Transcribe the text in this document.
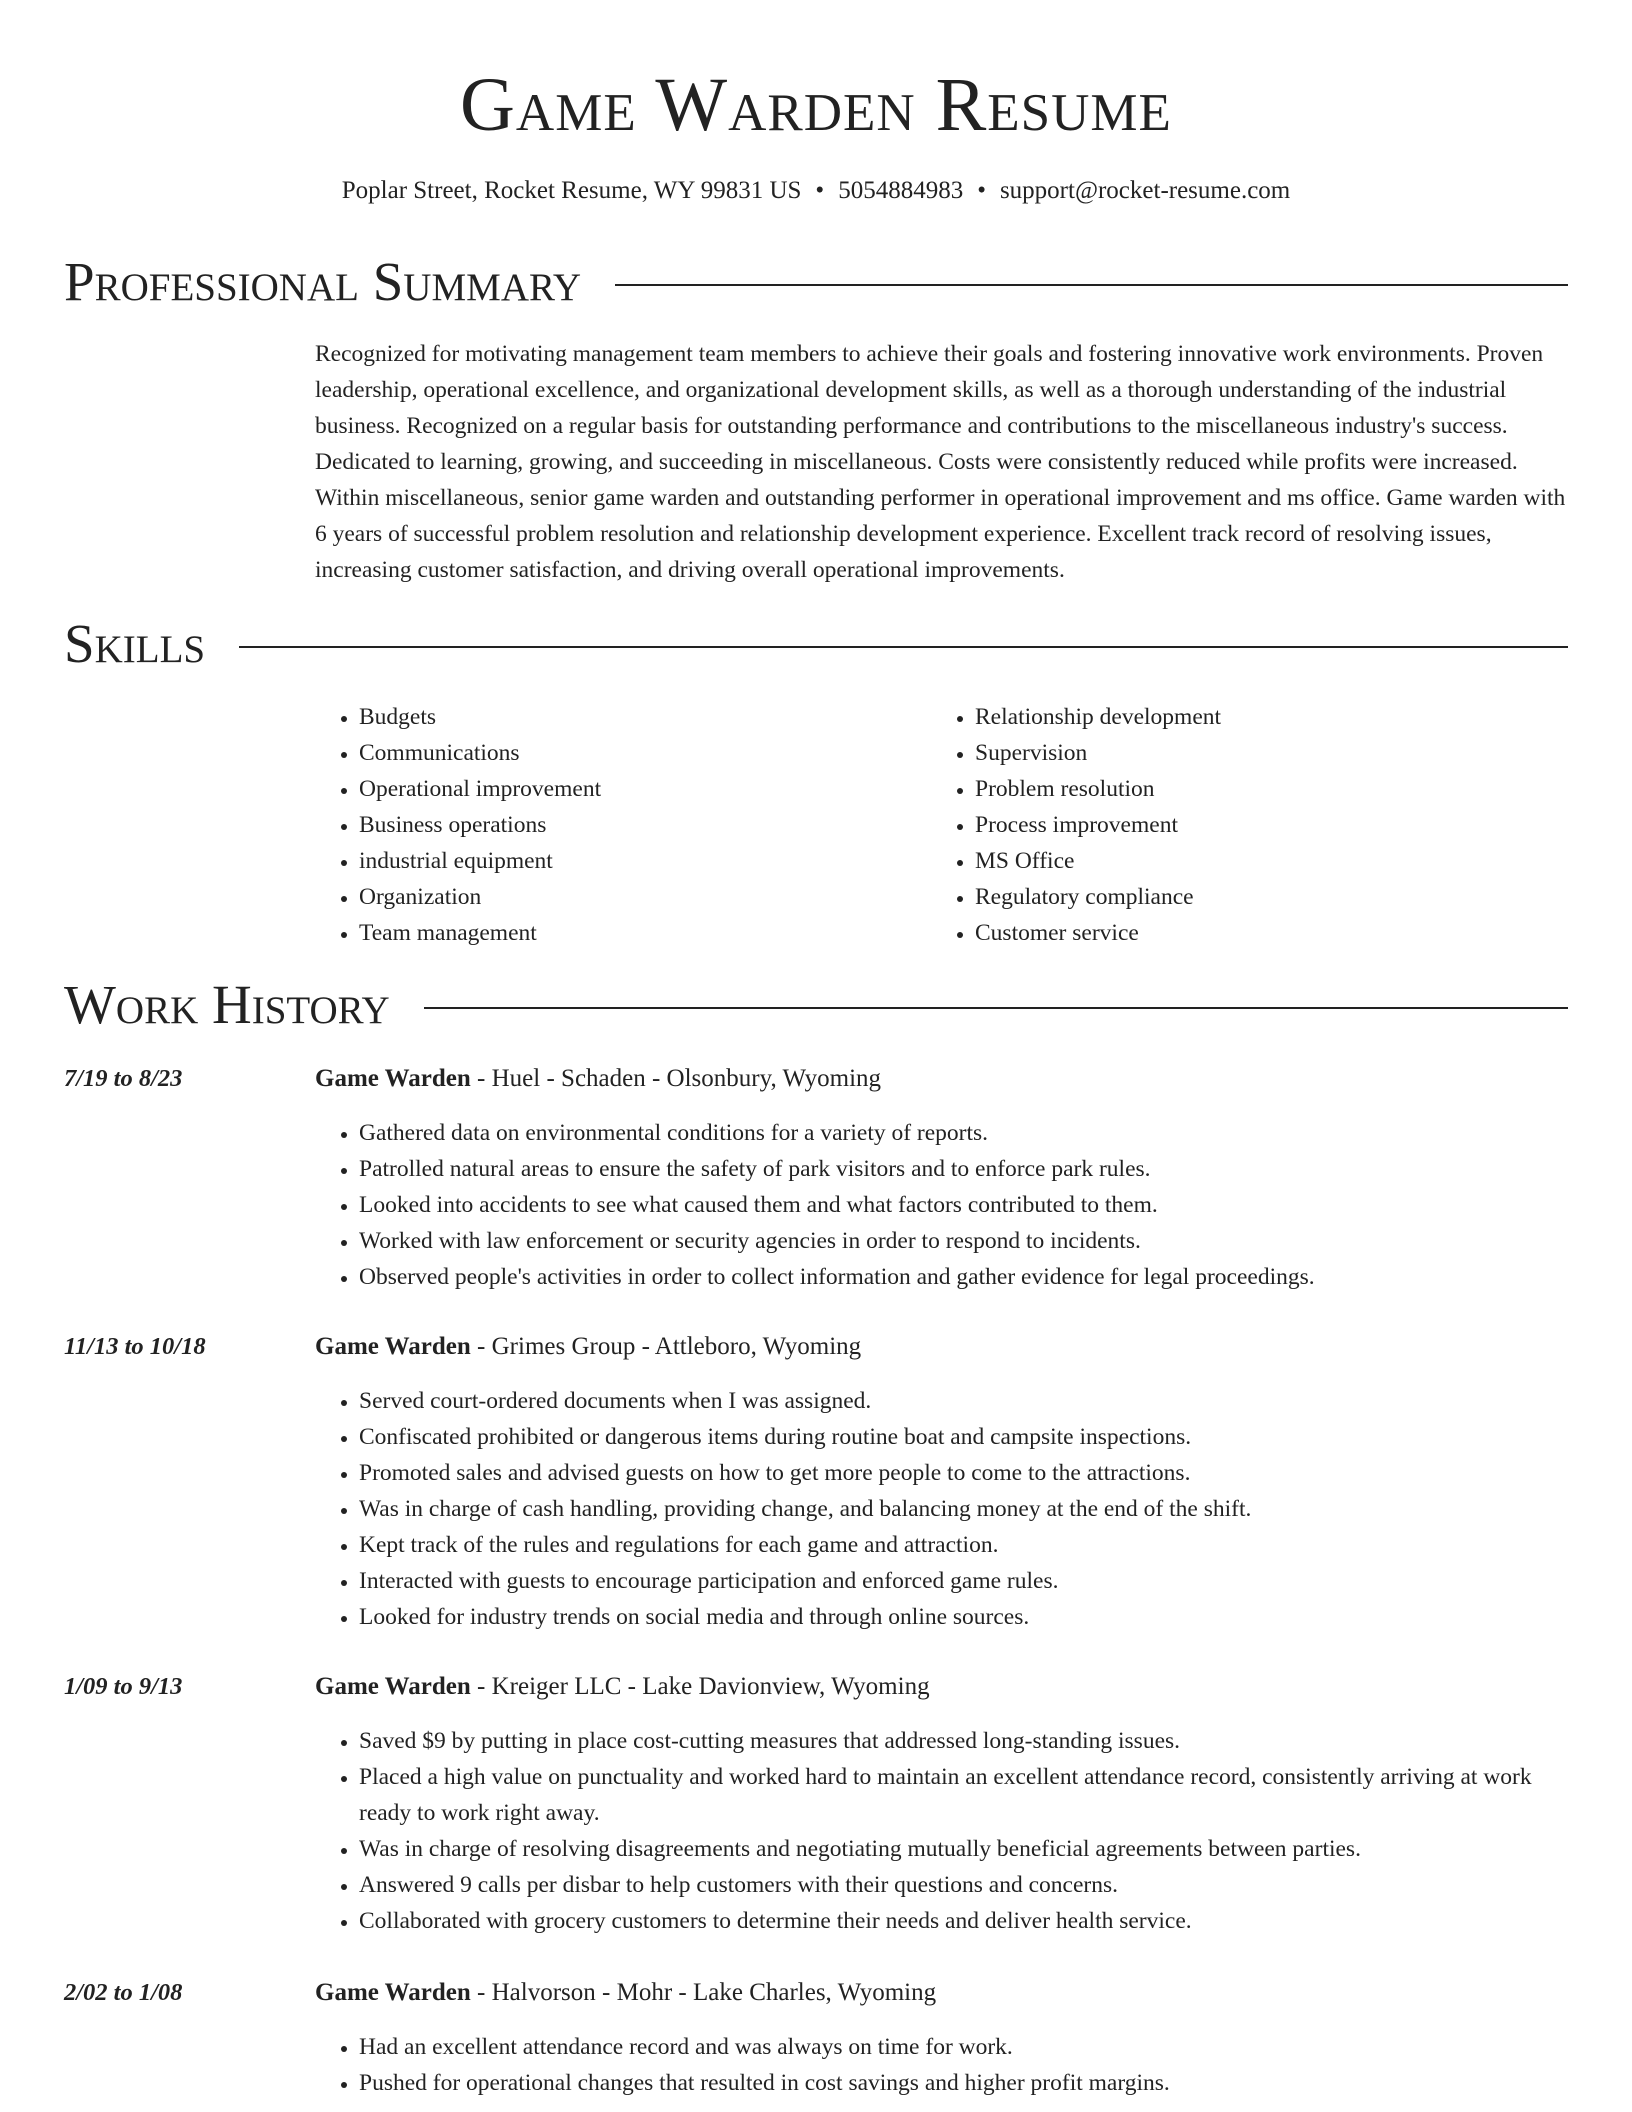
Game Warden Resume
Poplar Street, Rocket Resume, WY 99831 US • 5054884983 • support@rocket-resume.com
Professional Summary
Recognized for motivating management team members to achieve their goals and fostering innovative work environments. Proven leadership, operational excellence, and organizational development skills, as well as a thorough understanding of the industrial business. Recognized on a regular basis for outstanding performance and contributions to the miscellaneous industry's success. Dedicated to learning, growing, and succeeding in miscellaneous. Costs were consistently reduced while profits were increased. Within miscellaneous, senior game warden and outstanding performer in operational improvement and ms office. Game warden with 6 years of successful problem resolution and relationship development experience. Excellent track record of resolving issues, increasing customer satisfaction, and driving overall operational improvements.
Skills
• Budgets
• Communications
• Operational improvement
• Business operations
• industrial equipment
• Organization
• Team management
• Relationship development
• Supervision
• Problem resolution
• Process improvement
• MS Office
• Regulatory compliance
• Customer service
Work History
7/19 to 8/23	Game Warden - Huel - Schaden - Olsonbury, Wyoming
• Gathered data on environmental conditions for a variety of reports.
• Patrolled natural areas to ensure the safety of park visitors and to enforce park rules.
• Looked into accidents to see what caused them and what factors contributed to them.
• Worked with law enforcement or security agencies in order to respond to incidents.
• Observed people's activities in order to collect information and gather evidence for legal proceedings.
11/13 to 10/18	Game Warden - Grimes Group - Attleboro, Wyoming
• Served court-ordered documents when I was assigned.
• Confiscated prohibited or dangerous items during routine boat and campsite inspections.
• Promoted sales and advised guests on how to get more people to come to the attractions.
• Was in charge of cash handling, providing change, and balancing money at the end of the shift.
• Kept track of the rules and regulations for each game and attraction.
• Interacted with guests to encourage participation and enforced game rules.
• Looked for industry trends on social media and through online sources.
1/09 to 9/13	Game Warden - Kreiger LLC - Lake Davionview, Wyoming
• Saved $9 by putting in place cost-cutting measures that addressed long-standing issues.
• Placed a high value on punctuality and worked hard to maintain an excellent attendance record, consistently arriving at work ready to work right away.
• Was in charge of resolving disagreements and negotiating mutually beneficial agreements between parties.
• Answered 9 calls per disbar to help customers with their questions and concerns.
• Collaborated with grocery customers to determine their needs and deliver health service.
2/02 to 1/08	Game Warden - Halvorson - Mohr - Lake Charles, Wyoming
• Had an excellent attendance record and was always on time for work.
• Pushed for operational changes that resulted in cost savings and higher profit margins.
